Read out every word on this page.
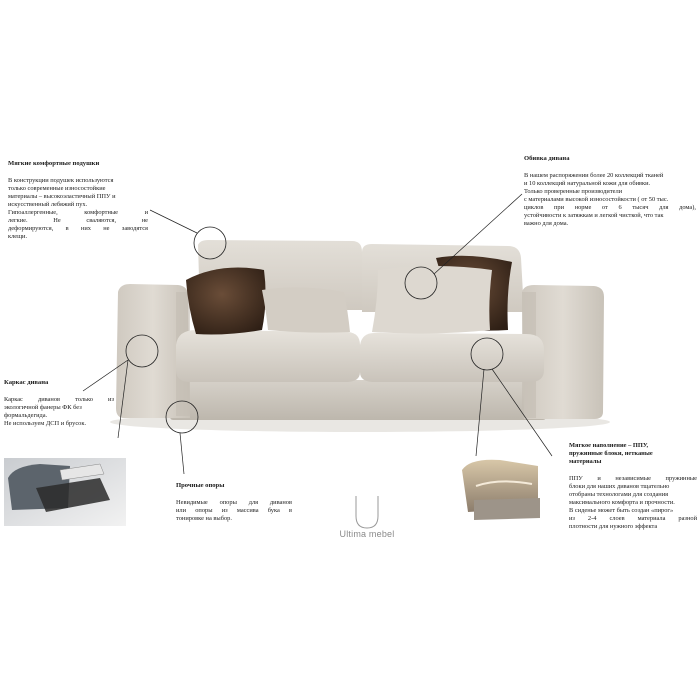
Мягкие комфортные подушки
В конструкции подушек используются
только современные износостойкие
материалы – высокоэластичный ППУ и
искусственный лебяжий пух.
Гипоаллергенные, комфортные и
легкие. Не сваляются, не
деформируются, в них не заводятся
клещи.
Обивка дивана
В нашем распоряжении более 20 коллекций тканей
и 10 коллекций натуральной кожи для обивки.
Только проверенные производители
с материалами высокой износостойкости ( от 50 тыс.
циклов при норме от 6 тысяч для дома),
устойчивости к затяжкам и легкой чисткой, что так
важно для дома.
Каркас дивана
Каркас диванов только из
экологичной фанеры ФК без
формальдегида.
Не используем ДСП и брусок.
Прочные опоры
Невидимые опоры для диванов
или опоры из массива бука в
тонировке на выбор.
Мягкое наполнение – ППУ,
пружинные блоки, нетканые
материалы
ППУ и независимые пружинные
блоки для наших диванов тщательно
отобраны технологами для создания
максимального комфорта и прочности.
В сиденье может быть создан «пирог»
из 2-4 слоев материала разной
плотности для нужного эффекта
Ultima mebel
